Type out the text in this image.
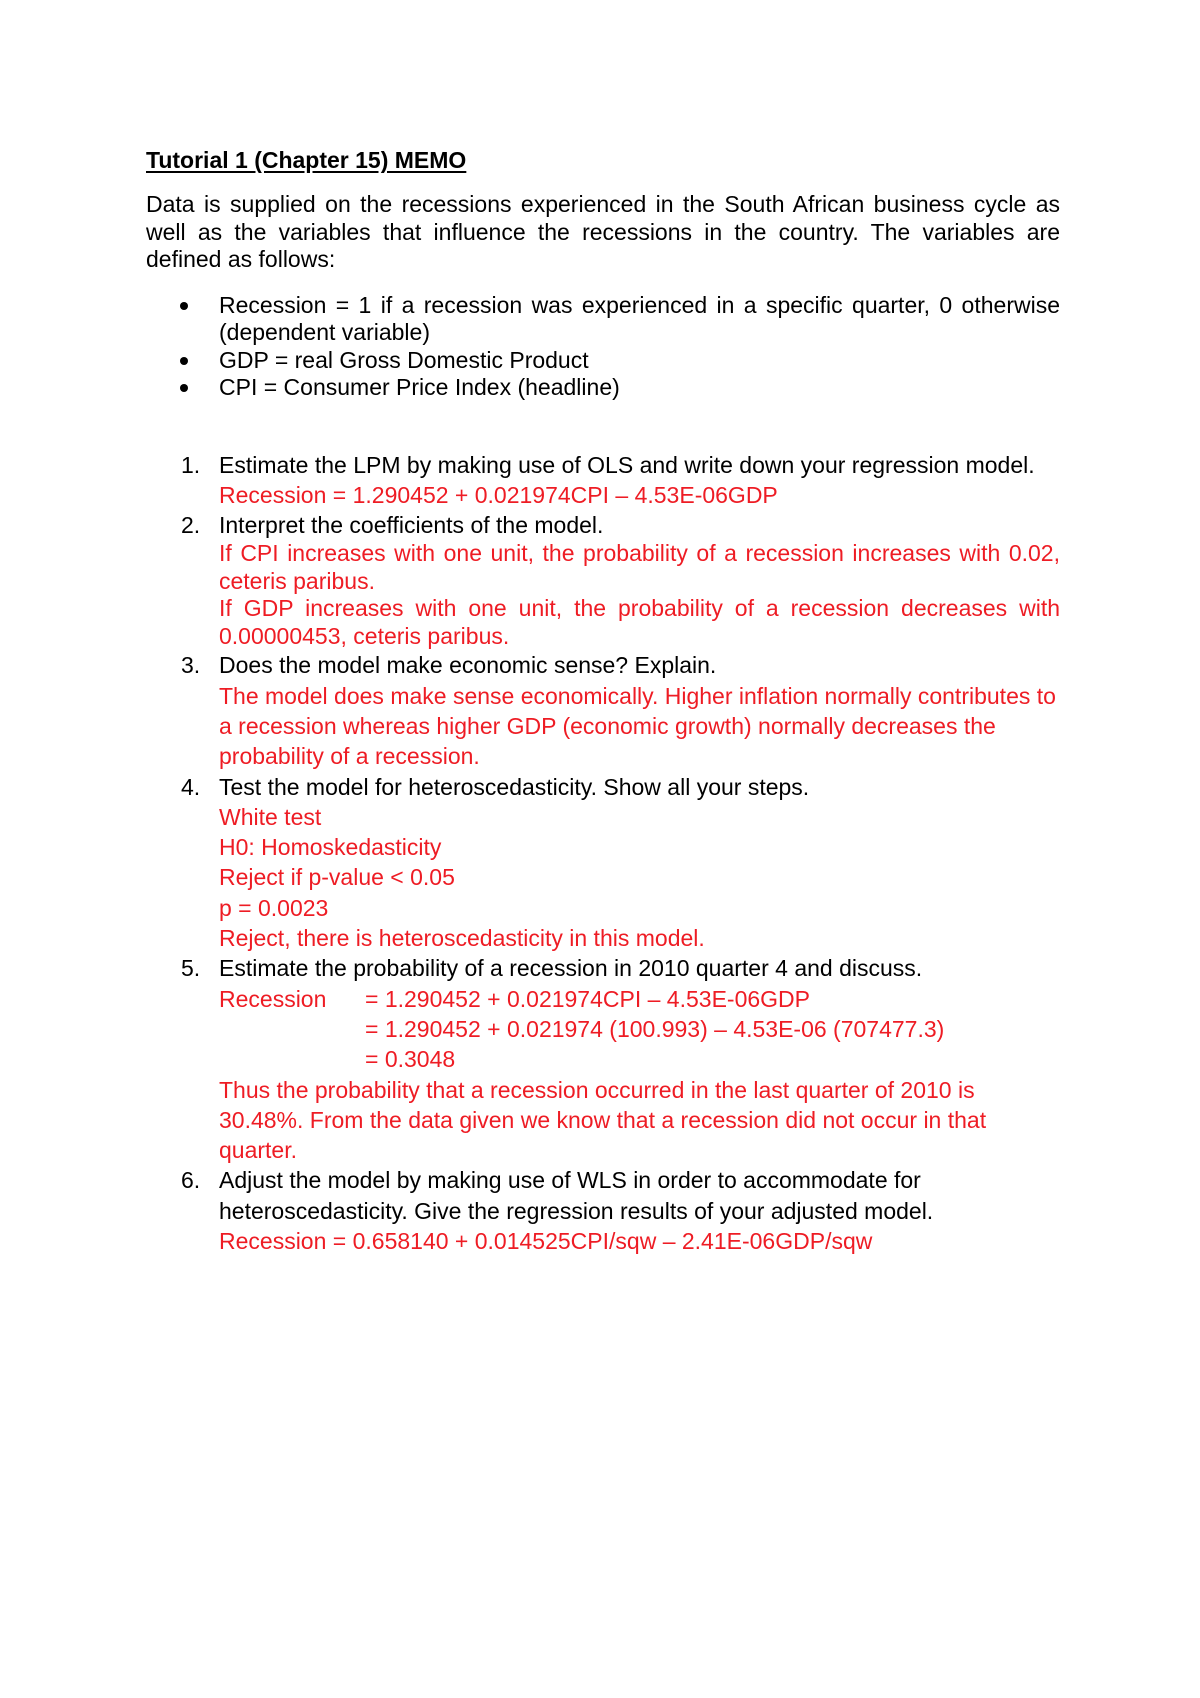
Tutorial 1 (Chapter 15) MEMO
Data is supplied on the recessions experienced in the South African business cycle as well as the variables that influence the recessions in the country. The variables are defined as follows:
Recession = 1 if a recession was experienced in a specific quarter, 0 otherwise (dependent variable)
GDP = real Gross Domestic Product
CPI = Consumer Price Index (headline)
1. Estimate the LPM by making use of OLS and write down your regression model.
Recession = 1.290452 + 0.021974CPI – 4.53E-06GDP
2. Interpret the coefficients of the model.
If CPI increases with one unit, the probability of a recession increases with 0.02, ceteris paribus.
If GDP increases with one unit, the probability of a recession decreases with 0.00000453, ceteris paribus.
3. Does the model make economic sense? Explain.
The model does make sense economically. Higher inflation normally contributes to a recession whereas higher GDP (economic growth) normally decreases the probability of a recession.
4. Test the model for heteroscedasticity. Show all your steps.
White test
H0: Homoskedasticity
Reject if p-value < 0.05
p = 0.0023
Reject, there is heteroscedasticity in this model.
5. Estimate the probability of a recession in 2010 quarter 4 and discuss.
Recession	= 1.290452 + 0.021974CPI – 4.53E-06GDP
= 1.290452 + 0.021974 (100.993) – 4.53E-06 (707477.3)
= 0.3048
Thus the probability that a recession occurred in the last quarter of 2010 is 30.48%. From the data given we know that a recession did not occur in that quarter.
6. Adjust the model by making use of WLS in order to accommodate for heteroscedasticity. Give the regression results of your adjusted model.
Recession = 0.658140 + 0.014525CPI/sqw – 2.41E-06GDP/sqw
